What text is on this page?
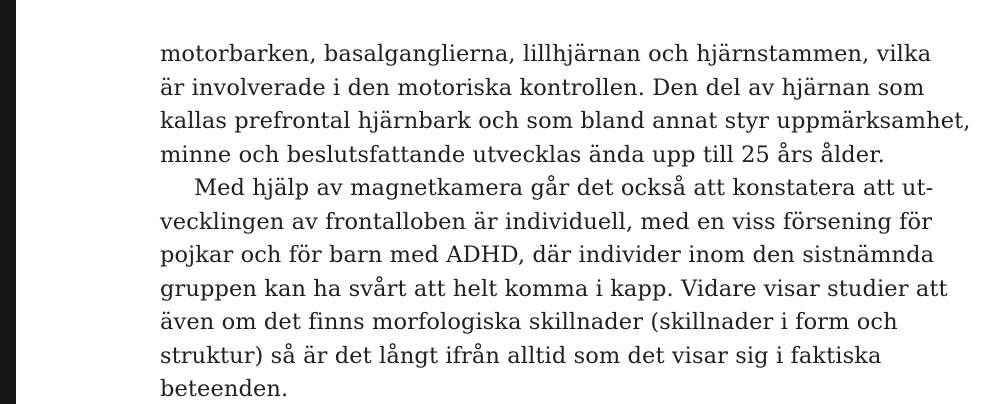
motorbarken, basalganglierna, lillhjärnan och hjärnstammen, vilka
är involverade i den motoriska kontrollen. Den del av hjärnan som
kallas prefrontal hjärnbark och som bland annat styr uppmärksamhet,
minne och beslutsfattande utvecklas ända upp till 25 års ålder.
Med hjälp av magnetkamera går det också att konstatera att ut-
vecklingen av frontalloben är individuell, med en viss försening för
pojkar och för barn med ADHD, där individer inom den sistnämnda
gruppen kan ha svårt att helt komma i kapp. Vidare visar studier att
även om det finns morfologiska skillnader (skillnader i form och
struktur) så är det långt ifrån alltid som det visar sig i faktiska
beteenden.
